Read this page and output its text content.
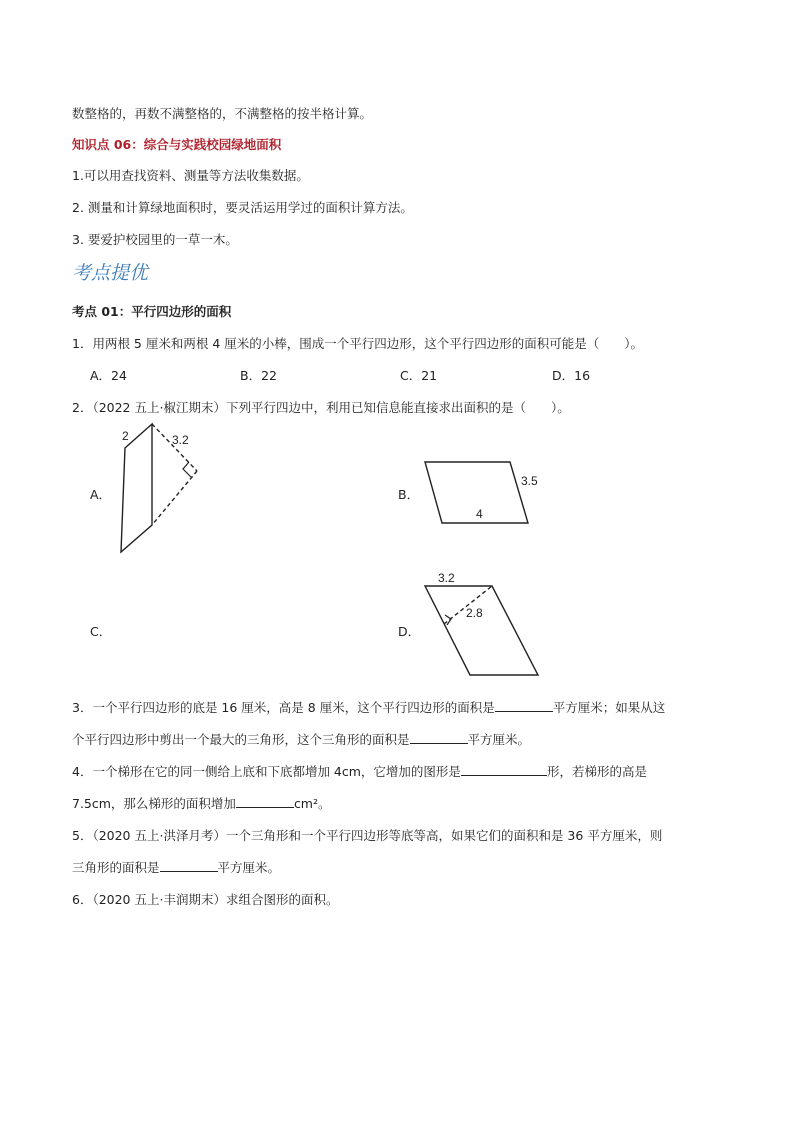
数整格的，再数不满整格的，不满整格的按半格计算。
知识点 06：综合与实践校园绿地面积
1.可以用查找资料、测量等方法收集数据。
2. 测量和计算绿地面积时，要灵活运用学过的面积计算方法。
3. 要爱护校园里的一草一木。
考点提优
考点 01：平行四边形的面积
1．用两根 5 厘米和两根 4 厘米的小棒，围成一个平行四边形，这个平行四边形的面积可能是（　　）。
A．24	B．22	C．21	D．16
2．（2022 五上·椒江期末）下列平行四边中，利用已知信息能直接求出面积的是（　　）。
A．
2	3.2
B．
3.5
4
C．	D．
3.2
2.8
3．一个平行四边形的底是 16 厘米，高是 8 厘米，这个平行四边形的面积是	平方厘米；如果从这
个平行四边形中剪出一个最大的三角形，这个三角形的面积是	平方厘米。
4．一个梯形在它的同一侧给上底和下底都增加 4cm，它增加的图形是	形，若梯形的高是
7.5cm，那么梯形的面积增加	cm²。
5．（2020 五上·洪泽月考）一个三角形和一个平行四边形等底等高，如果它们的面积和是 36 平方厘米，则
三角形的面积是	平方厘米。
6．（2020 五上·丰润期末）求组合图形的面积。
